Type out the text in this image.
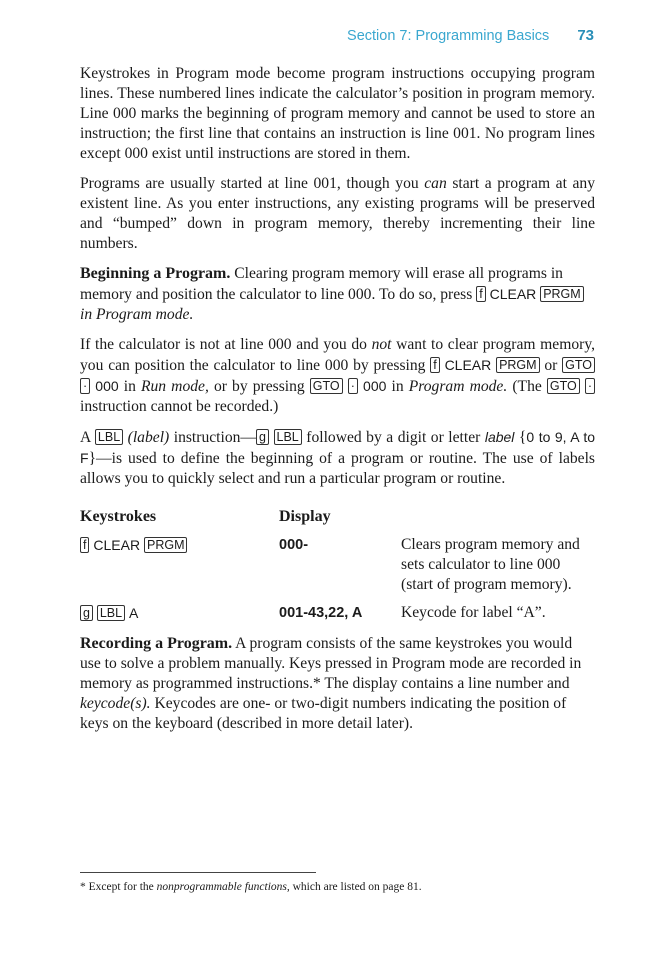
Section 7: Programming Basics 73

Keystrokes in Program mode become program instructions occupying program lines. These numbered lines indicate the calculator’s position in program memory. Line 000 marks the beginning of program memory and cannot be used to store an instruction; the first line that contains an instruction is line 001. No program lines except 000 exist until instructions are stored in them.

Programs are usually started at line 001, though you can start a program at any existent line. As you enter instructions, any existing programs will be preserved and “bumped” down in program memory, thereby incrementing their line numbers.

Beginning a Program. Clearing program memory will erase all programs in memory and position the calculator to line 000. To do so, press f CLEAR PRGM in Program mode.

If the calculator is not at line 000 and you do not want to clear program memory, you can position the calculator to line 000 by pressing f CLEAR PRGM or GTO · 000 in Run mode, or by pressing GTO · 000 in Program mode. (The GTO · instruction cannot be recorded.)

A LBL (label) instruction— g LBL followed by a digit or letter label {0 to 9, A to F}—is used to define the beginning of a program or routine. The use of labels allows you to quickly select and run a particular program or routine.

Keystrokes	Display
f CLEAR PRGM	000-	Clears program memory and sets calculator to line 000 (start of program memory).
g LBL A	001-43,22, A	Keycode for label “A”.

Recording a Program. A program consists of the same keystrokes you would use to solve a problem manually. Keys pressed in Program mode are recorded in memory as programmed instructions.* The display contains a line number and keycode(s). Keycodes are one- or two-digit numbers indicating the position of keys on the keyboard (described in more detail later).

* Except for the nonprogrammable functions, which are listed on page 81.
